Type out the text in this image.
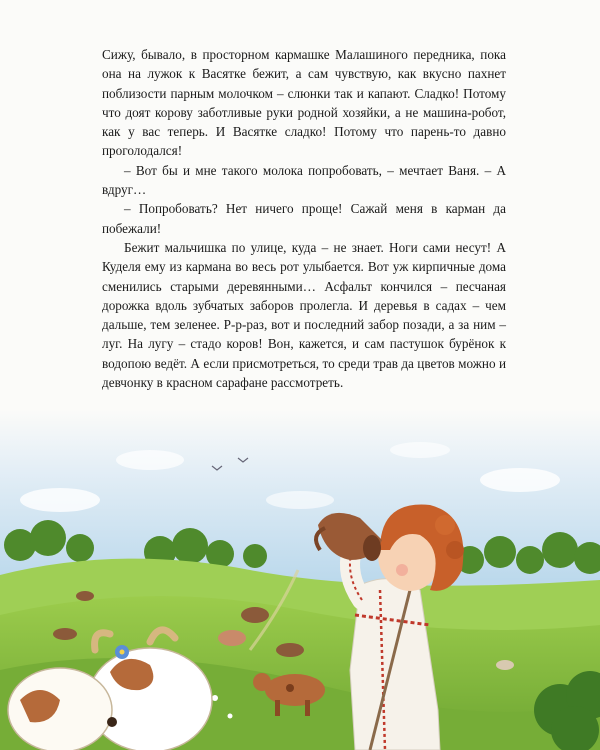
Сижу, бывало, в просторном кармашке Малашиного передника, пока она на лужок к Васятке бежит, а сам чувствую, как вкусно пахнет поблизости парным молочком – слюнки так и капают. Сладко! Потому что доят корову заботливые руки родной хозяйки, а не машина-робот, как у вас теперь. И Васятке сладко! Потому что парень-то давно проголодался!

– Вот бы и мне такого молока попробовать, – мечтает Ваня. – А вдруг…

– Попробовать? Нет ничего проще! Сажай меня в карман да побежали!

Бежит мальчишка по улице, куда – не знает. Ноги сами несут! А Куделя ему из кармана во весь рот улыбается. Вот уж кирпичные дома сменились старыми деревянными… Асфальт кончился – песчаная дорожка вдоль зубчатых заборов пролегла. И деревья в садах – чем дальше, тем зеленее. Р-р-раз, вот и последний забор позади, а за ним – луг. На лугу – стадо коров! Вон, кажется, и сам пастушок бурёнок к водопою ведёт. А если присмотреться, то среди трав да цветов можно и девчонку в красном сарафане рассмотреть.
